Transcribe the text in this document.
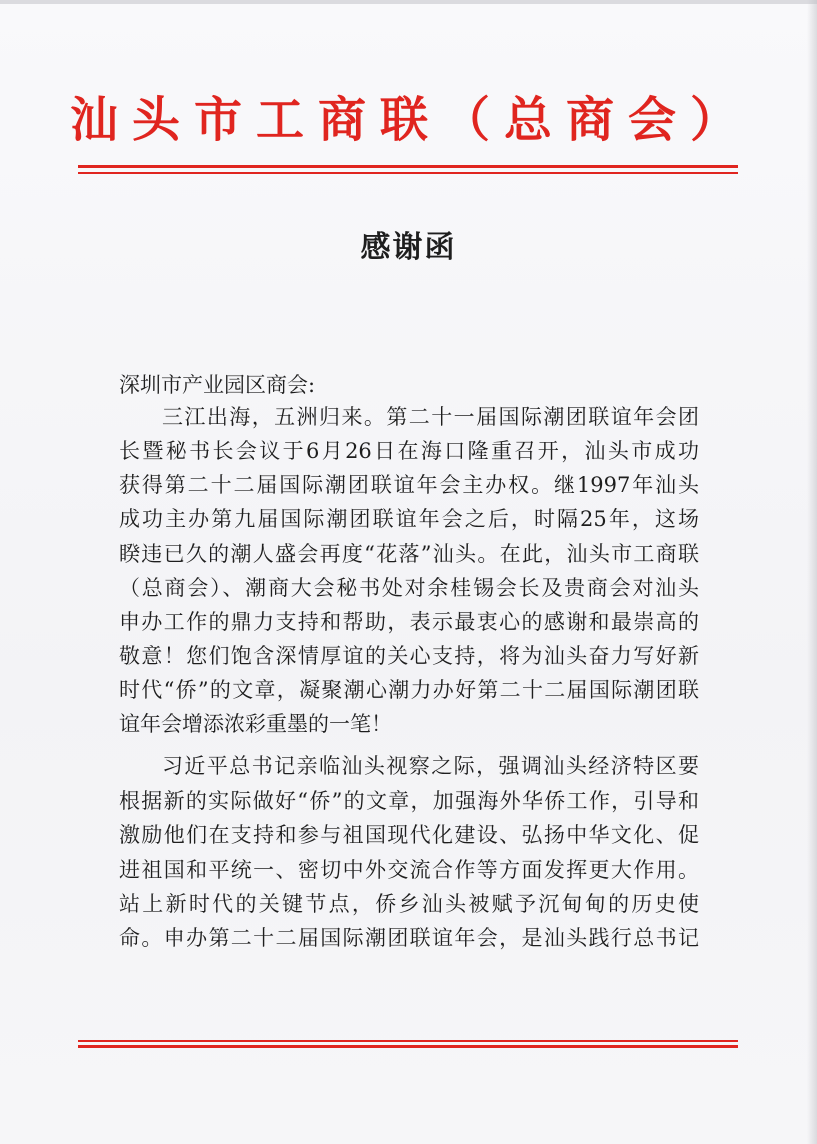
汕头市工商联（总商会）
感谢函
深圳市产业园区商会:
三江出海，五洲归来。第二十一届国际潮团联谊年会团
长暨秘书长会议于6月26日在海口隆重召开，汕头市成功
获得第二十二届国际潮团联谊年会主办权。继1997年汕头
成功主办第九届国际潮团联谊年会之后，时隔25年，这场
睽违已久的潮人盛会再度“花落”汕头。在此，汕头市工商联
（总商会）、潮商大会秘书处对余桂锡会长及贵商会对汕头
申办工作的鼎力支持和帮助，表示最衷心的感谢和最崇高的
敬意！您们饱含深情厚谊的关心支持，将为汕头奋力写好新
时代“侨”的文章，凝聚潮心潮力办好第二十二届国际潮团联
谊年会增添浓彩重墨的一笔！
习近平总书记亲临汕头视察之际，强调汕头经济特区要
根据新的实际做好“侨”的文章，加强海外华侨工作，引导和
激励他们在支持和参与祖国现代化建设、弘扬中华文化、促
进祖国和平统一、密切中外交流合作等方面发挥更大作用。
站上新时代的关键节点，侨乡汕头被赋予沉甸甸的历史使
命。申办第二十二届国际潮团联谊年会，是汕头践行总书记
